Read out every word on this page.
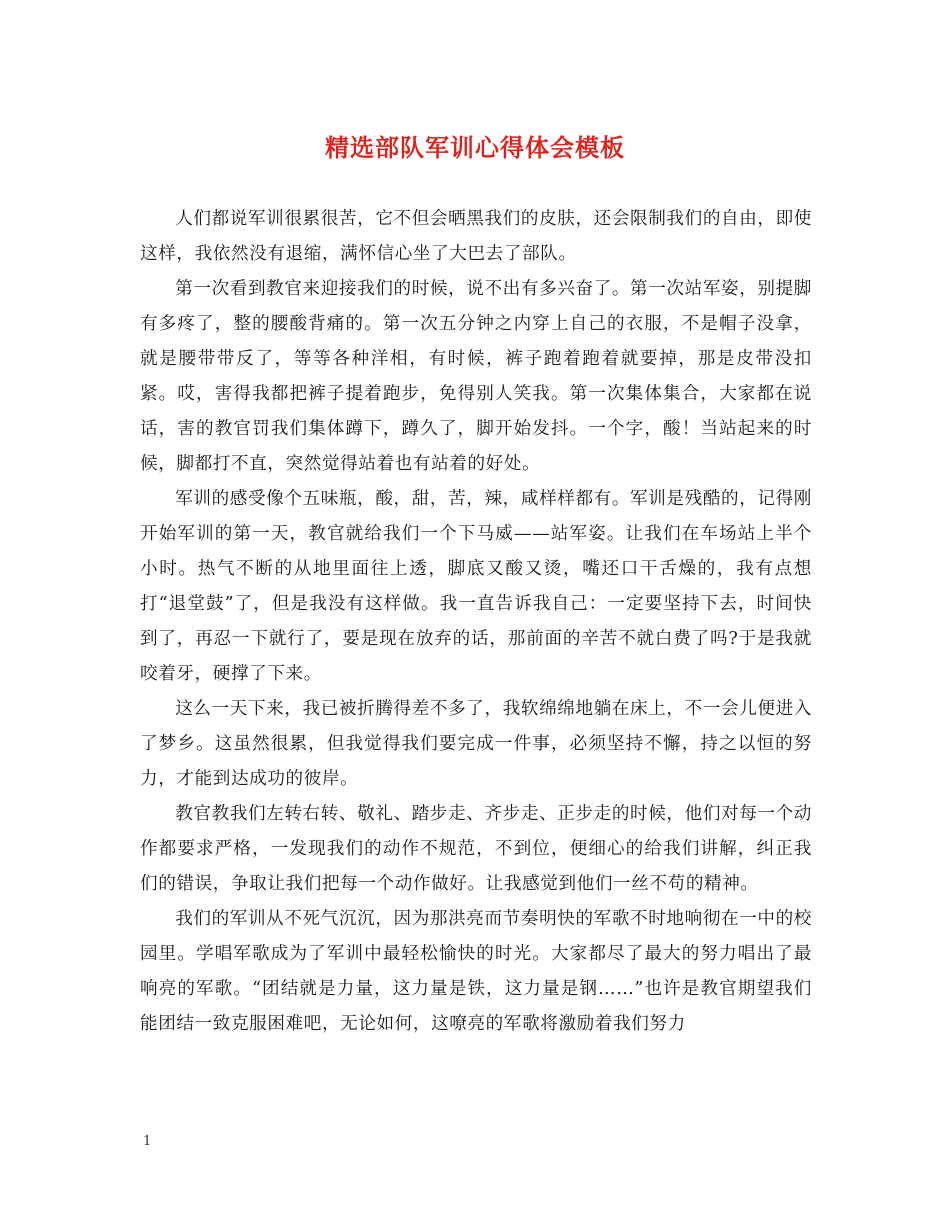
精选部队军训心得体会模板

人们都说军训很累很苦，它不但会晒黑我们的皮肤，还会限制我们的自由，即使这样，我依然没有退缩，满怀信心坐了大巴去了部队。

第一次看到教官来迎接我们的时候，说不出有多兴奋了。第一次站军姿，别提脚有多疼了，整的腰酸背痛的。第一次五分钟之内穿上自己的衣服，不是帽子没拿，就是腰带带反了，等等各种洋相，有时候，裤子跑着跑着就要掉，那是皮带没扣紧。哎，害得我都把裤子提着跑步，免得别人笑我。第一次集体集合，大家都在说话，害的教官罚我们集体蹲下，蹲久了，脚开始发抖。一个字，酸！当站起来的时候，脚都打不直，突然觉得站着也有站着的好处。

军训的感受像个五味瓶，酸，甜，苦，辣，咸样样都有。军训是残酷的，记得刚开始军训的第一天，教官就给我们一个下马威——站军姿。让我们在车场站上半个小时。热气不断的从地里面往上透，脚底又酸又烫，嘴还口干舌燥的，我有点想打“退堂鼓”了，但是我没有这样做。我一直告诉我自己：一定要坚持下去，时间快到了，再忍一下就行了，要是现在放弃的话，那前面的辛苦不就白费了吗?于是我就咬着牙，硬撑了下来。

这么一天下来，我已被折腾得差不多了，我软绵绵地躺在床上，不一会儿便进入了梦乡。这虽然很累，但我觉得我们要完成一件事，必须坚持不懈，持之以恒的努力，才能到达成功的彼岸。

教官教我们左转右转、敬礼、踏步走、齐步走、正步走的时候，他们对每一个动作都要求严格，一发现我们的动作不规范，不到位，便细心的给我们讲解，纠正我们的错误，争取让我们把每一个动作做好。让我感觉到他们一丝不苟的精神。

我们的军训从不死气沉沉，因为那洪亮而节奏明快的军歌不时地响彻在一中的校园里。学唱军歌成为了军训中最轻松愉快的时光。大家都尽了最大的努力唱出了最响亮的军歌。“团结就是力量，这力量是铁，这力量是钢……”也许是教官期望我们能团结一致克服困难吧，无论如何，这嘹亮的军歌将激励着我们努力

1
